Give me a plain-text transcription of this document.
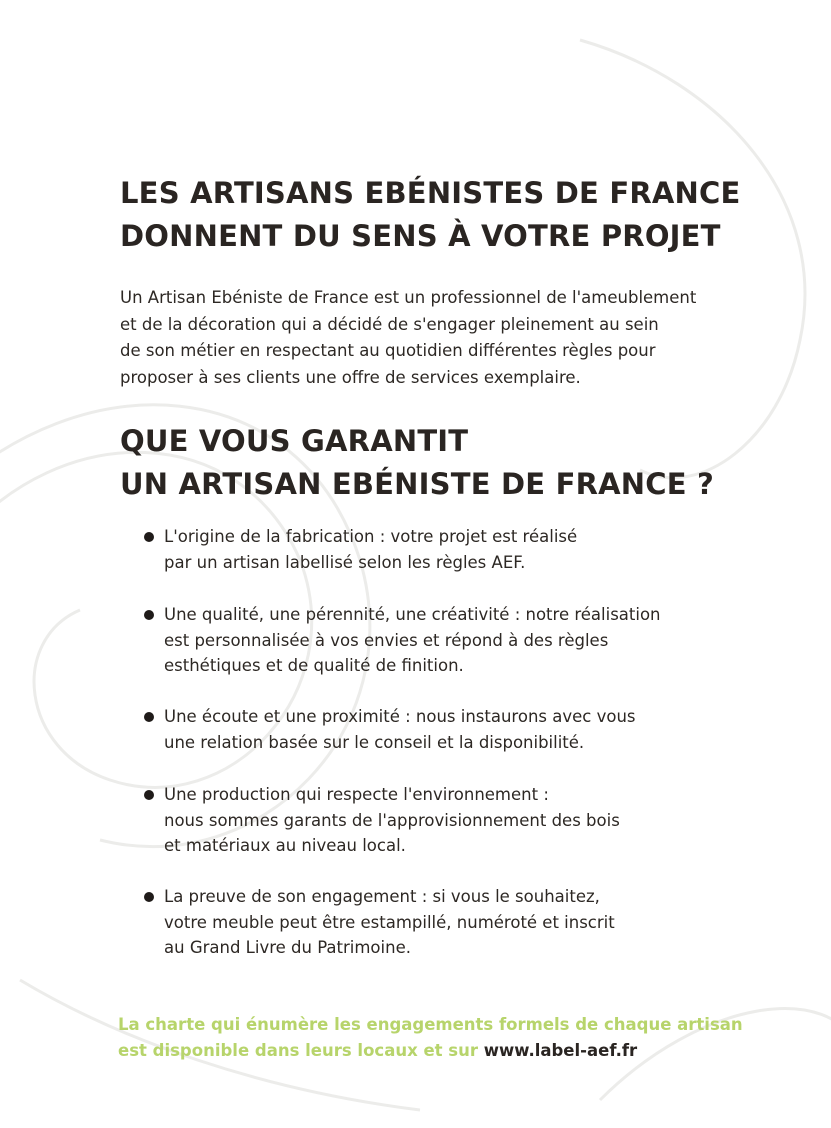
LES ARTISANS EBÉNISTES DE FRANCE
DONNENT DU SENS À VOTRE PROJET

Un Artisan Ebéniste de France est un professionnel de l'ameublement
et de la décoration qui a décidé de s'engager pleinement au sein
de son métier en respectant au quotidien différentes règles pour
proposer à ses clients une offre de services exemplaire.

QUE VOUS GARANTIT
UN ARTISAN EBÉNISTE DE FRANCE ?
L'origine de la fabrication : votre projet est réalisé
par un artisan labellisé selon les règles AEF.
Une qualité, une pérennité, une créativité : notre réalisation
est personnalisée à vos envies et répond à des règles
esthétiques et de qualité de finition.
Une écoute et une proximité : nous instaurons avec vous
une relation basée sur le conseil et la disponibilité.
Une production qui respecte l'environnement :
nous sommes garants de l'approvisionnement des bois
et matériaux au niveau local.
La preuve de son engagement : si vous le souhaitez,
votre meuble peut être estampillé, numéroté et inscrit
au Grand Livre du Patrimoine.
La charte qui énumère les engagements formels de chaque artisan
est disponible dans leurs locaux et sur www.label-aef.fr
